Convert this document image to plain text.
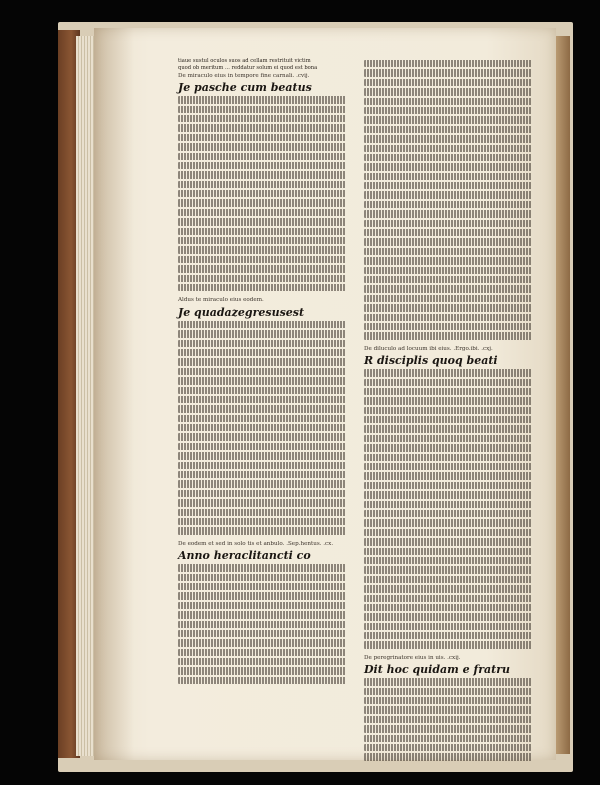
tiaue sustul oculos suos ad cellam restrituit victim
quod ob meritum ... reddatur solum ei quod est bona
De miraculo eius in tempore fine carnali. .cvij.
Je pasche cum beatus
Aldus te miraculo eius eodem.
Je quadazegresusest
De eodem et sed in solo tis et anbulo. .Sep.hentus. .cx.
Anno heraclitancti co
De diluculo ad locuum ibi eius. .Ergo.ibi. .cxj.
R disciplis quoq beati
De peregrinatore eius in uis. .cxij.
Dit hoc quidam e fratru
